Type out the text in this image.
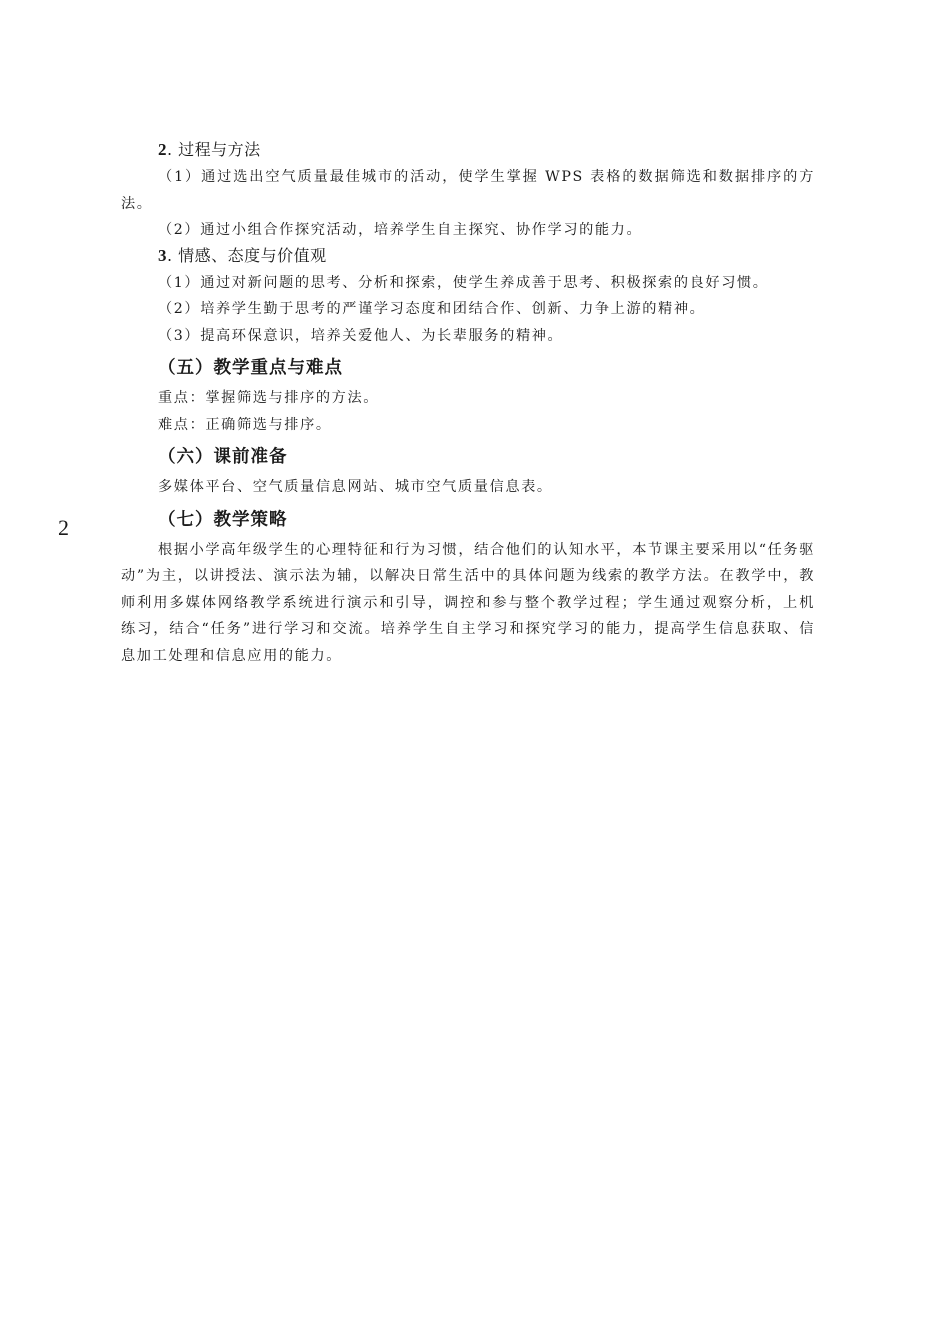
2
2. 过程与方法

（1）通过选出空气质量最佳城市的活动，使学生掌握 WPS 表格的数据筛选和数据排序的方法。

（2）通过小组合作探究活动，培养学生自主探究、协作学习的能力。

3. 情感、态度与价值观

（1）通过对新问题的思考、分析和探索，使学生养成善于思考、积极探索的良好习惯。

（2）培养学生勤于思考的严谨学习态度和团结合作、创新、力争上游的精神。

（3）提高环保意识，培养关爱他人、为长辈服务的精神。

（五）教学重点与难点

重点：掌握筛选与排序的方法。

难点：正确筛选与排序。

（六）课前准备

多媒体平台、空气质量信息网站、城市空气质量信息表。

（七）教学策略

根据小学高年级学生的心理特征和行为习惯，结合他们的认知水平，本节课主要采用以“任务驱动”为主，以讲授法、演示法为辅，以解决日常生活中的具体问题为线索的教学方法。在教学中，教师利用多媒体网络教学系统进行演示和引导，调控和参与整个教学过程；学生通过观察分析，上机练习，结合“任务”进行学习和交流。培养学生自主学习和探究学习的能力，提高学生信息获取、信息加工处理和信息应用的能力。
